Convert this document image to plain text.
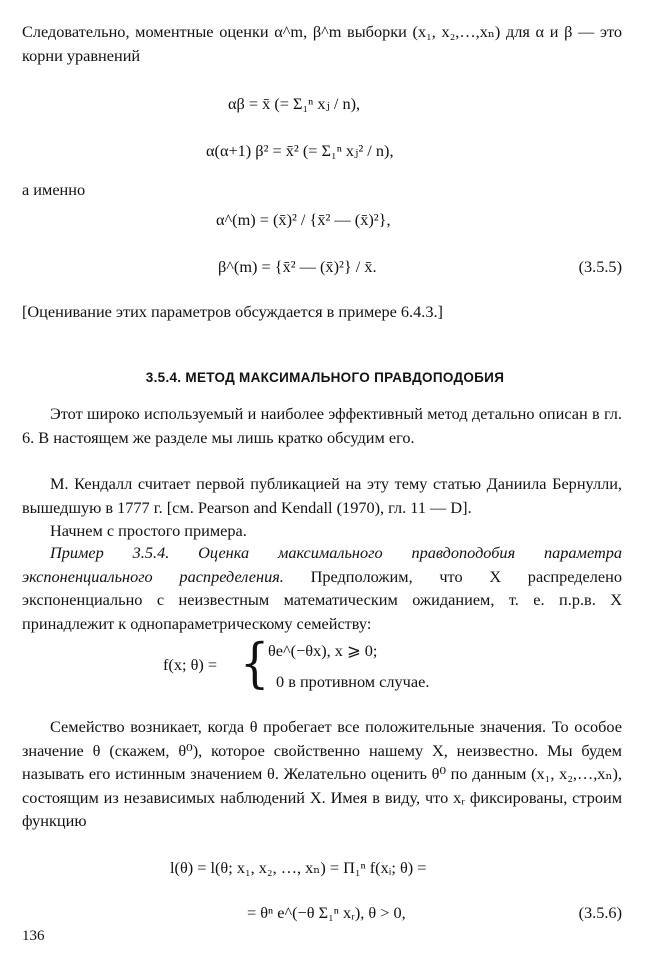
Следовательно, моментные оценки α^m, β^m выборки (x₁, x₂,…,xₙ) для α и β — это корни уравнений

αβ = x̄ (= Σ₁ⁿ xⱼ / n),
α(α+1) β² = x̄² (= Σ₁ⁿ xⱼ² / n),

а именно

α^(m) = (x̄)² / {x̄² — (x̄)²},
β^(m) = {x̄² — (x̄)²} / x̄.	(3.5.5)

[Оценивание этих параметров обсуждается в примере 6.4.3.]

3.5.4. МЕТОД МАКСИМАЛЬНОГО ПРАВДОПОДОБИЯ

Этот широко используемый и наиболее эффективный метод детально описан в гл. 6. В настоящем же разделе мы лишь кратко обсудим его.

М. Кендалл считает первой публикацией на эту тему статью Даниила Бернулли, вышедшую в 1777 г. [см. Pearson and Kendall (1970), гл. 11 — D].

Начнем с простого примера.

Пример 3.5.4. Оценка максимального правдоподобия параметра экспоненциального распределения. Предположим, что X распределено экспоненциально с неизвестным математическим ожиданием, т. е. п.р.в. X принадлежит к однопараметрическому семейству:

f(x; θ) = {
θe^(−θx), x ⩾ 0;
0 в противном случае.

Семейство возникает, когда θ пробегает все положительные значения. То особое значение θ (скажем, θ⁰), которое свойственно нашему X, неизвестно. Мы будем называть его истинным значением θ. Желательно оценить θ⁰ по данным (x₁, x₂,…,xₙ), состоящим из независимых наблюдений X. Имея в виду, что xᵣ фиксированы, строим функцию

l(θ) = l(θ; x₁, x₂, …, xₙ) = Π₁ⁿ f(xᵢ; θ) =
= θⁿ e^(−θ Σ₁ⁿ xᵣ), θ > 0,	(3.5.6)
136
